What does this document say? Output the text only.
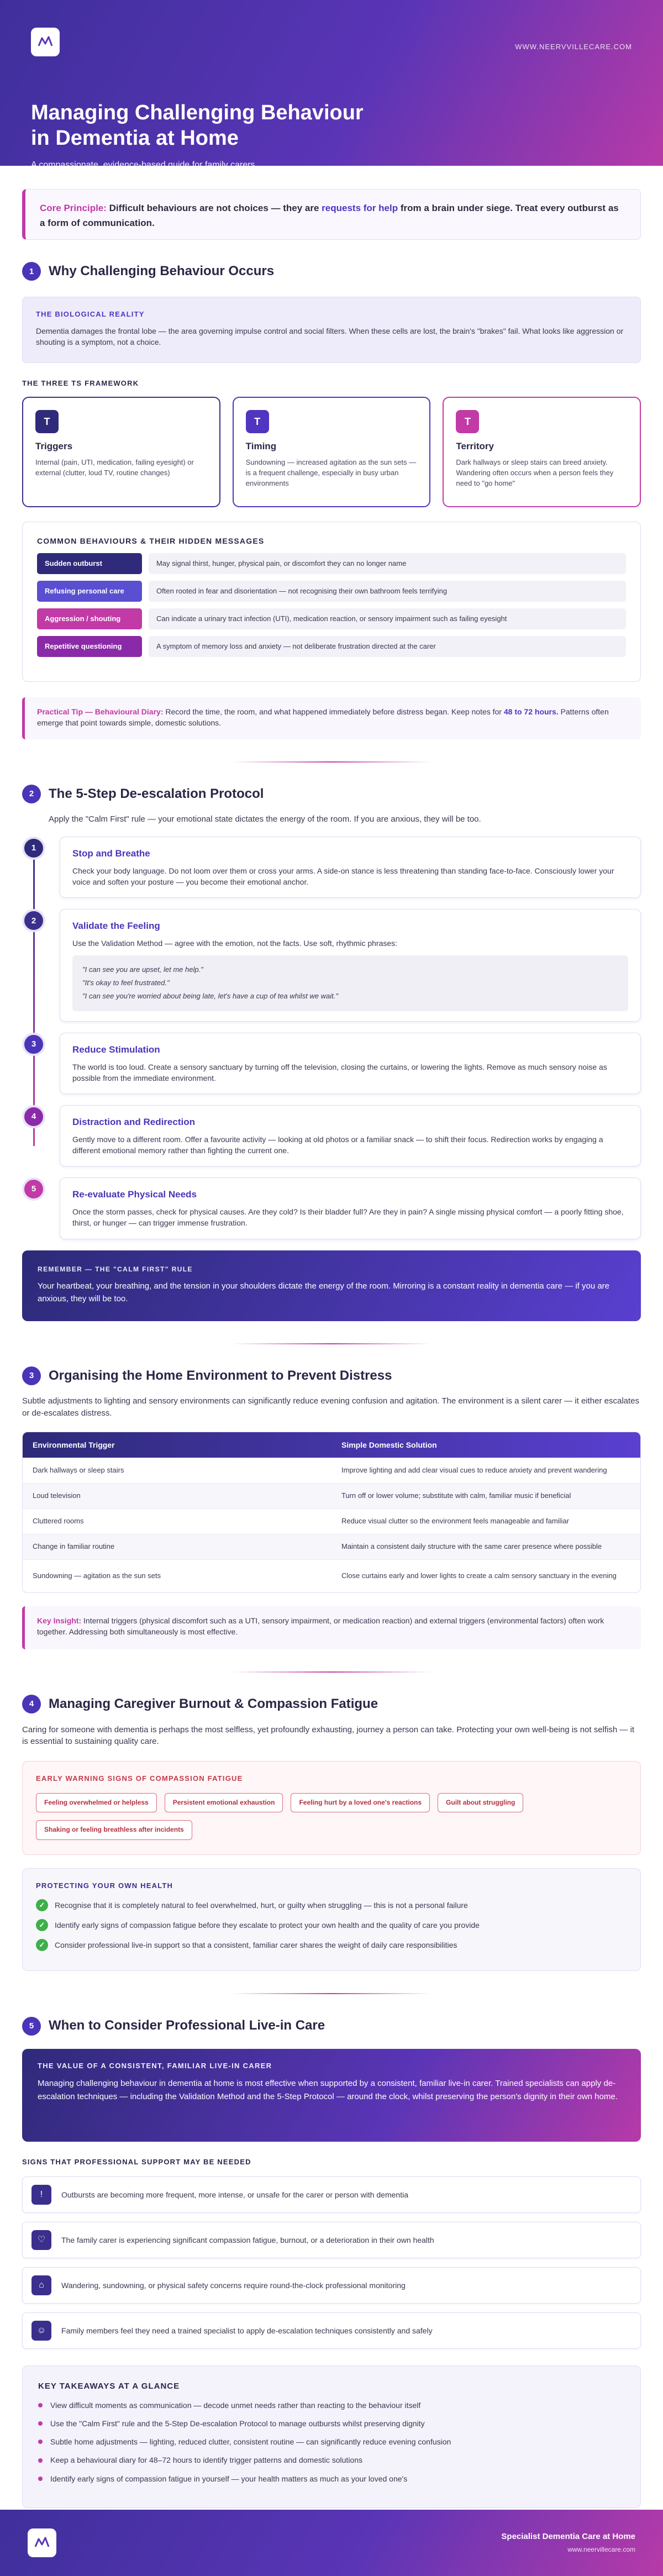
WWW.NEERVVILLECARE.COM
Managing Challenging Behaviour in Dementia at Home
A compassionate, evidence-based guide for family carers
Core Principle: Difficult behaviours are not choices — they are requests for help from a brain under siege. Treat every outburst as a form of communication.
1	Why Challenging Behaviour Occurs
THE BIOLOGICAL REALITY

Dementia damages the frontal lobe — the area governing impulse control and social filters. When these cells are lost, the brain's "brakes" fail. What looks like aggression or shouting is a symptom, not a choice.

THE THREE TS FRAMEWORK
T
Triggers

Internal (pain, UTI, medication, failing eyesight) or external (clutter, loud TV, routine changes)

T
Timing

Sundowning — increased agitation as the sun sets — is a frequent challenge, especially in busy urban environments

T
Territory

Dark hallways or sleep stairs can breed anxiety. Wandering often occurs when a person feels they need to "go home"

COMMON BEHAVIOURS & THEIR HIDDEN MESSAGES
Sudden outburst	May signal thirst, hunger, physical pain, or discomfort they can no longer name
Refusing personal care	Often rooted in fear and disorientation — not recognising their own bathroom feels terrifying
Aggression / shouting	Can indicate a urinary tract infection (UTI), medication reaction, or sensory impairment such as failing eyesight
Repetitive questioning	A symptom of memory loss and anxiety — not deliberate frustration directed at the carer
Practical Tip — Behavioural Diary: Record the time, the room, and what happened immediately before distress began. Keep notes for 48 to 72 hours. Patterns often emerge that point towards simple, domestic solutions.
2	The 5-Step De-escalation Protocol
Apply the "Calm First" rule — your emotional state dictates the energy of the room. If you are anxious, they will be too.
1
Stop and Breathe

Check your body language. Do not loom over them or cross your arms. A side-on stance is less threatening than standing face-to-face. Consciously lower your voice and soften your posture — you become their emotional anchor.

2
Validate the Feeling

Use the Validation Method — agree with the emotion, not the facts. Use soft, rhythmic phrases:

"I can see you are upset, let me help."
"It's okay to feel frustrated."
"I can see you're worried about being late, let's have a cup of tea whilst we wait."
3
Reduce Stimulation

The world is too loud. Create a sensory sanctuary by turning off the television, closing the curtains, or lowering the lights. Remove as much sensory noise as possible from the immediate environment.

4
Distraction and Redirection

Gently move to a different room. Offer a favourite activity — looking at old photos or a familiar snack — to shift their focus. Redirection works by engaging a different emotional memory rather than fighting the current one.

5
Re-evaluate Physical Needs

Once the storm passes, check for physical causes. Are they cold? Is their bladder full? Are they in pain? A single missing physical comfort — a poorly fitting shoe, thirst, or hunger — can trigger immense frustration.

REMEMBER — THE "CALM FIRST" RULE

Your heartbeat, your breathing, and the tension in your shoulders dictate the energy of the room. Mirroring is a constant reality in dementia care — if you are anxious, they will be too.

3	Organising the Home Environment to Prevent Distress
Subtle adjustments to lighting and sensory environments can significantly reduce evening confusion and agitation. The environment is a silent carer — it either escalates or de-escalates distress.
Environmental Trigger	Simple Domestic Solution
Dark hallways or sleep stairs	Improve lighting and add clear visual cues to reduce anxiety and prevent wandering
Loud television	Turn off or lower volume; substitute with calm, familiar music if beneficial
Cluttered rooms	Reduce visual clutter so the environment feels manageable and familiar
Change in familiar routine	Maintain a consistent daily structure with the same carer presence where possible
Sundowning — agitation as the sun sets	Close curtains early and lower lights to create a calm sensory sanctuary in the evening
Key Insight: Internal triggers (physical discomfort such as a UTI, sensory impairment, or medication reaction) and external triggers (environmental factors) often work together. Addressing both simultaneously is most effective.
4	Managing Caregiver Burnout & Compassion Fatigue
Caring for someone with dementia is perhaps the most selfless, yet profoundly exhausting, journey a person can take. Protecting your own well-being is not selfish — it is essential to sustaining quality care.
EARLY WARNING SIGNS OF COMPASSION FATIGUE
Feeling overwhelmed or helpless	Persistent emotional exhaustion	Feeling hurt by a loved one's reactions	Guilt about struggling
Shaking or feeling breathless after incidents
PROTECTING YOUR OWN HEALTH
✓	Recognise that it is completely natural to feel overwhelmed, hurt, or guilty when struggling — this is not a personal failure
✓	Identify early signs of compassion fatigue before they escalate to protect your own health and the quality of care you provide
✓	Consider professional live-in support so that a consistent, familiar carer shares the weight of daily care responsibilities
5	When to Consider Professional Live-in Care
THE VALUE OF A CONSISTENT, FAMILIAR LIVE-IN CARER

Managing challenging behaviour in dementia at home is most effective when supported by a consistent, familiar live-in carer. Trained specialists can apply de-escalation techniques — including the Validation Method and the 5-Step Protocol — around the clock, whilst preserving the person's dignity in their own home.

SIGNS THAT PROFESSIONAL SUPPORT MAY BE NEEDED
!	Outbursts are becoming more frequent, more intense, or unsafe for the carer or person with dementia
♡	The family carer is experiencing significant compassion fatigue, burnout, or a deterioration in their own health
⌂	Wandering, sundowning, or physical safety concerns require round-the-clock professional monitoring
☺	Family members feel they need a trained specialist to apply de-escalation techniques consistently and safely
KEY TAKEAWAYS AT A GLANCE
View difficult moments as communication — decode unmet needs rather than reacting to the behaviour itself
Use the "Calm First" rule and the 5-Step De-escalation Protocol to manage outbursts whilst preserving dignity
Subtle home adjustments — lighting, reduced clutter, consistent routine — can significantly reduce evening confusion
Keep a behavioural diary for 48–72 hours to identify trigger patterns and domestic solutions
Identify early signs of compassion fatigue in yourself — your health matters as much as your loved one's
Specialist Dementia Care at Home
www.neervillecare.com
